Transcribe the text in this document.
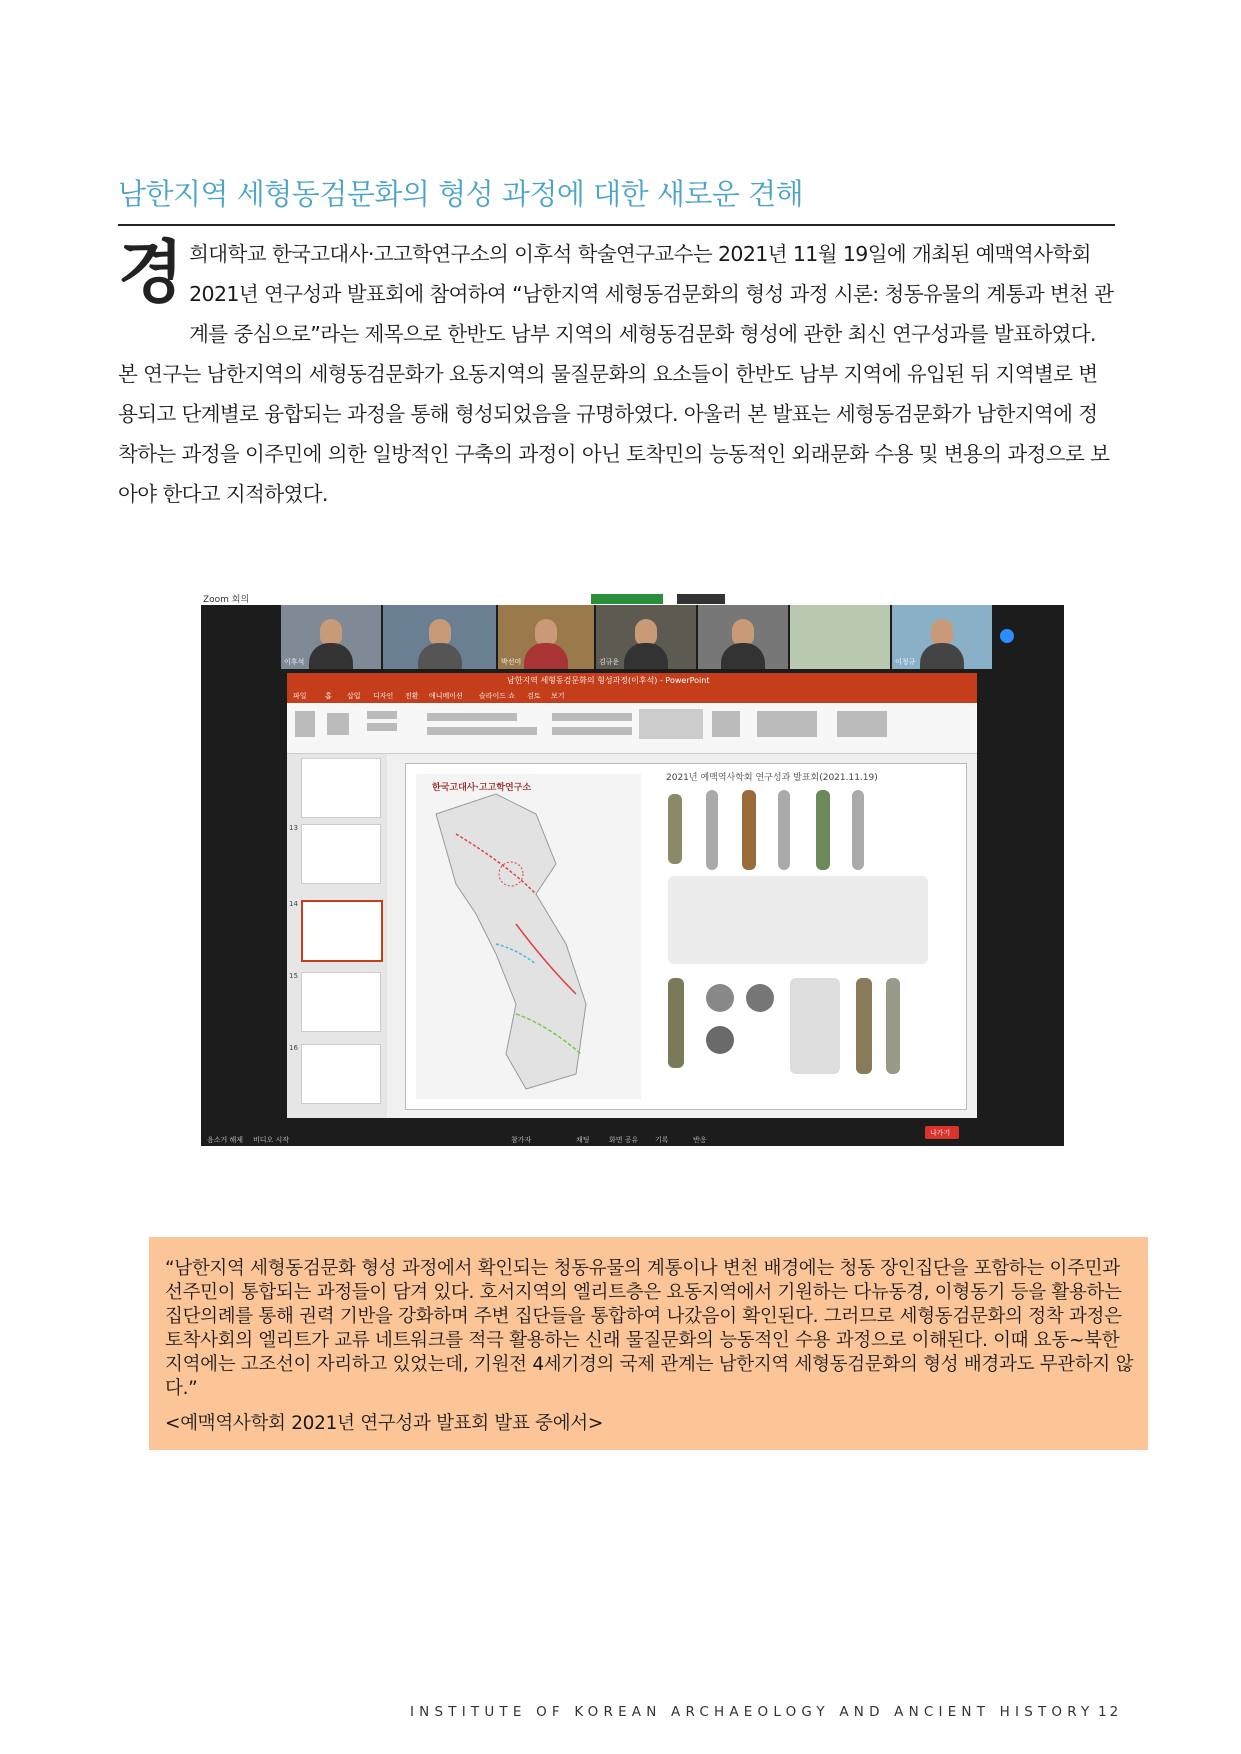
남한지역 세형동검문화의 형성 과정에 대한 새로운 견해
경 희대학교 한국고대사·고고학연구소의 이후석 학술연구교수는 2021년 11월 19일에 개최된 예맥역사학회 2021년 연구성과 발표회에 참여하여 “남한지역 세형동검문화의 형성 과정 시론: 청동유물의 계통과 변천 관계를 중심으로”라는 제목으로 한반도 남부 지역의 세형동검문화 형성에 관한 최신 연구성과를 발표하였다. 본 연구는 남한지역의 세형동검문화가 요동지역의 물질문화의 요소들이 한반도 남부 지역에 유입된 뒤 지역별로 변용되고 단계별로 융합되는 과정을 통해 형성되었음을 규명하였다. 아울러 본 발표는 세형동검문화가 남한지역에 정착하는 과정을 이주민에 의한 일방적인 구축의 과정이 아닌 토착민의 능동적인 외래문화 수용 및 변용의 과정으로 보아야 한다고 지적하였다.

Zoom 회의
이후석	박선미	김규운	이청규
남한지역 세형동검문화의 형성과정(이후석) - PowerPoint
파일	홈 삽입 디자인 전환 애니메이션 슬라이드 쇼 검토 보기
13
14
15
16
한국고대사·고고학연구소
2021년 예맥역사학회 연구성과 발표회(2021.11.19)
음소거 해제 비디오 시작	참가자	채팅	화면 공유 기록	반응
나가기
“남한지역 세형동검문화 형성 과정에서 확인되는 청동유물의 계통이나 변천 배경에는 청동 장인집단을 포함하는 이주민과 선주민이 통합되는 과정들이 담겨 있다. 호서지역의 엘리트층은 요동지역에서 기원하는 다뉴동경, 이형동기 등을 활용하는 집단의례를 통해 권력 기반을 강화하며 주변 집단들을 통합하여 나갔음이 확인된다. 그러므로 세형동검문화의 정착 과정은 토착사회의 엘리트가 교류 네트워크를 적극 활용하는 신래 물질문화의 능동적인 수용 과정으로 이해된다. 이때 요동~북한지역에는 고조선이 자리하고 있었는데, 기원전 4세기경의 국제 관계는 남한지역 세형동검문화의 형성 배경과도 무관하지 않다.”
<예맥역사학회 2021년 연구성과 발표회 발표 중에서>
INSTITUTE OF KOREAN ARCHAEOLOGY AND ANCIENT HISTORY 12
